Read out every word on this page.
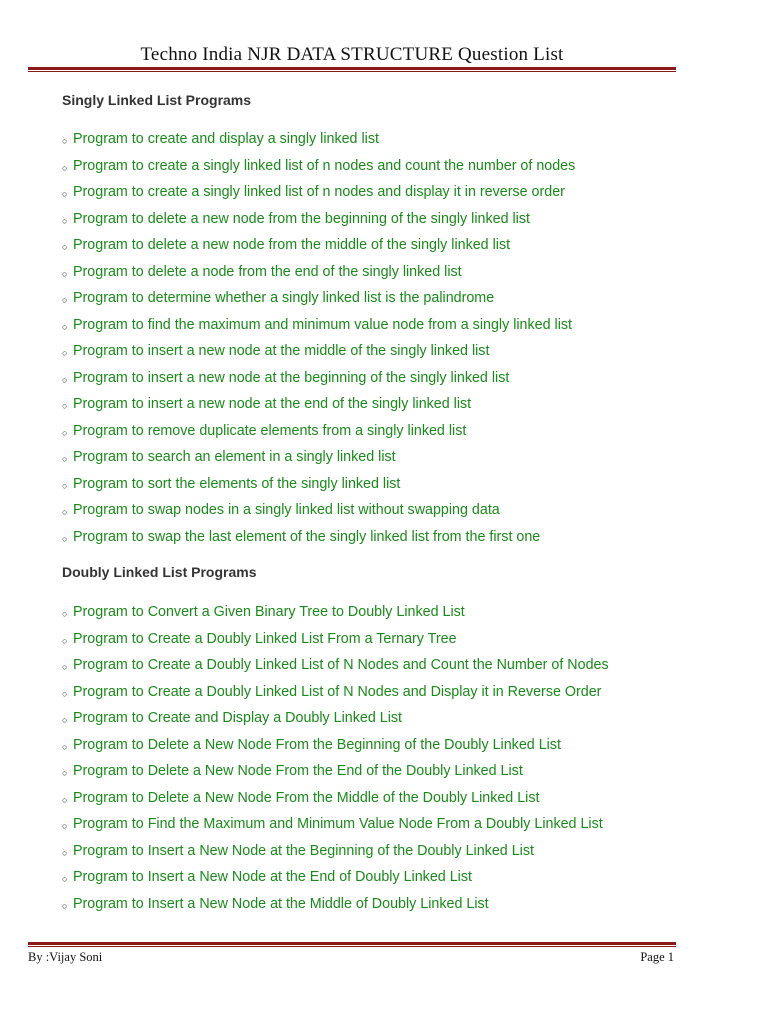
Techno India NJR DATA STRUCTURE Question List
Singly Linked List Programs
○ Program to create and display a singly linked list
○ Program to create a singly linked list of n nodes and count the number of nodes
○ Program to create a singly linked list of n nodes and display it in reverse order
○ Program to delete a new node from the beginning of the singly linked list
○ Program to delete a new node from the middle of the singly linked list
○ Program to delete a node from the end of the singly linked list
○ Program to determine whether a singly linked list is the palindrome
○ Program to find the maximum and minimum value node from a singly linked list
○ Program to insert a new node at the middle of the singly linked list
○ Program to insert a new node at the beginning of the singly linked list
○ Program to insert a new node at the end of the singly linked list
○ Program to remove duplicate elements from a singly linked list
○ Program to search an element in a singly linked list
○ Program to sort the elements of the singly linked list
○ Program to swap nodes in a singly linked list without swapping data
○ Program to swap the last element of the singly linked list from the first one
Doubly Linked List Programs
○ Program to Convert a Given Binary Tree to Doubly Linked List
○ Program to Create a Doubly Linked List From a Ternary Tree
○ Program to Create a Doubly Linked List of N Nodes and Count the Number of Nodes
○ Program to Create a Doubly Linked List of N Nodes and Display it in Reverse Order
○ Program to Create and Display a Doubly Linked List
○ Program to Delete a New Node From the Beginning of the Doubly Linked List
○ Program to Delete a New Node From the End of the Doubly Linked List
○ Program to Delete a New Node From the Middle of the Doubly Linked List
○ Program to Find the Maximum and Minimum Value Node From a Doubly Linked List
○ Program to Insert a New Node at the Beginning of the Doubly Linked List
○ Program to Insert a New Node at the End of Doubly Linked List
○ Program to Insert a New Node at the Middle of Doubly Linked List
By :Vijay Soni	Page 1
